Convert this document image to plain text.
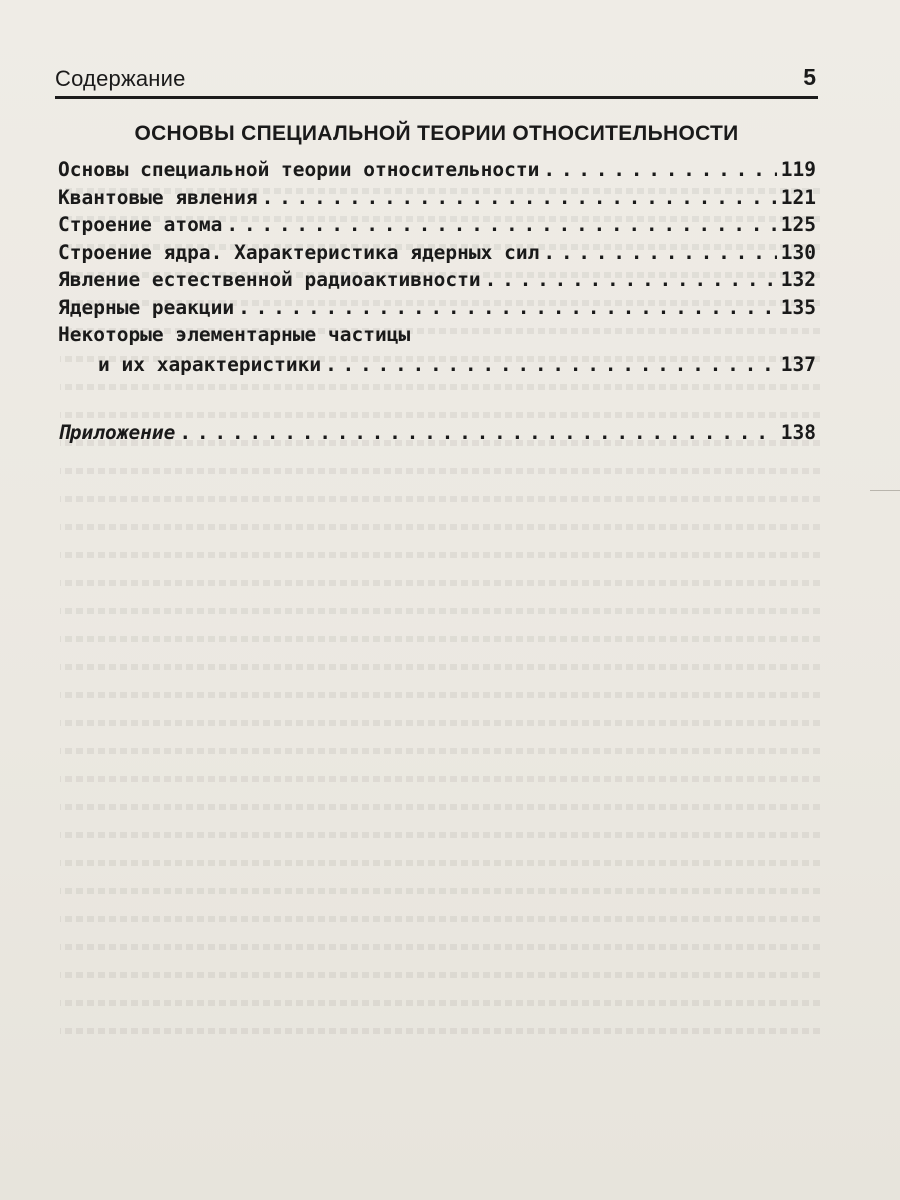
Содержание	5
ОСНОВЫ СПЕЦИАЛЬНОЙ ТЕОРИИ ОТНОСИТЕЛЬНОСТИ
Основы специальной теории относительности . . .	119
Квантовые явления . . .	121
Строение атома . . .	125
Строение ядра. Характеристика ядерных сил . . .	130
Явление естественной радиоактивности . . .	132
Ядерные реакции . . .	135
Некоторые элементарные частицы
и их характеристики . . .	137
Приложение . . .	138
